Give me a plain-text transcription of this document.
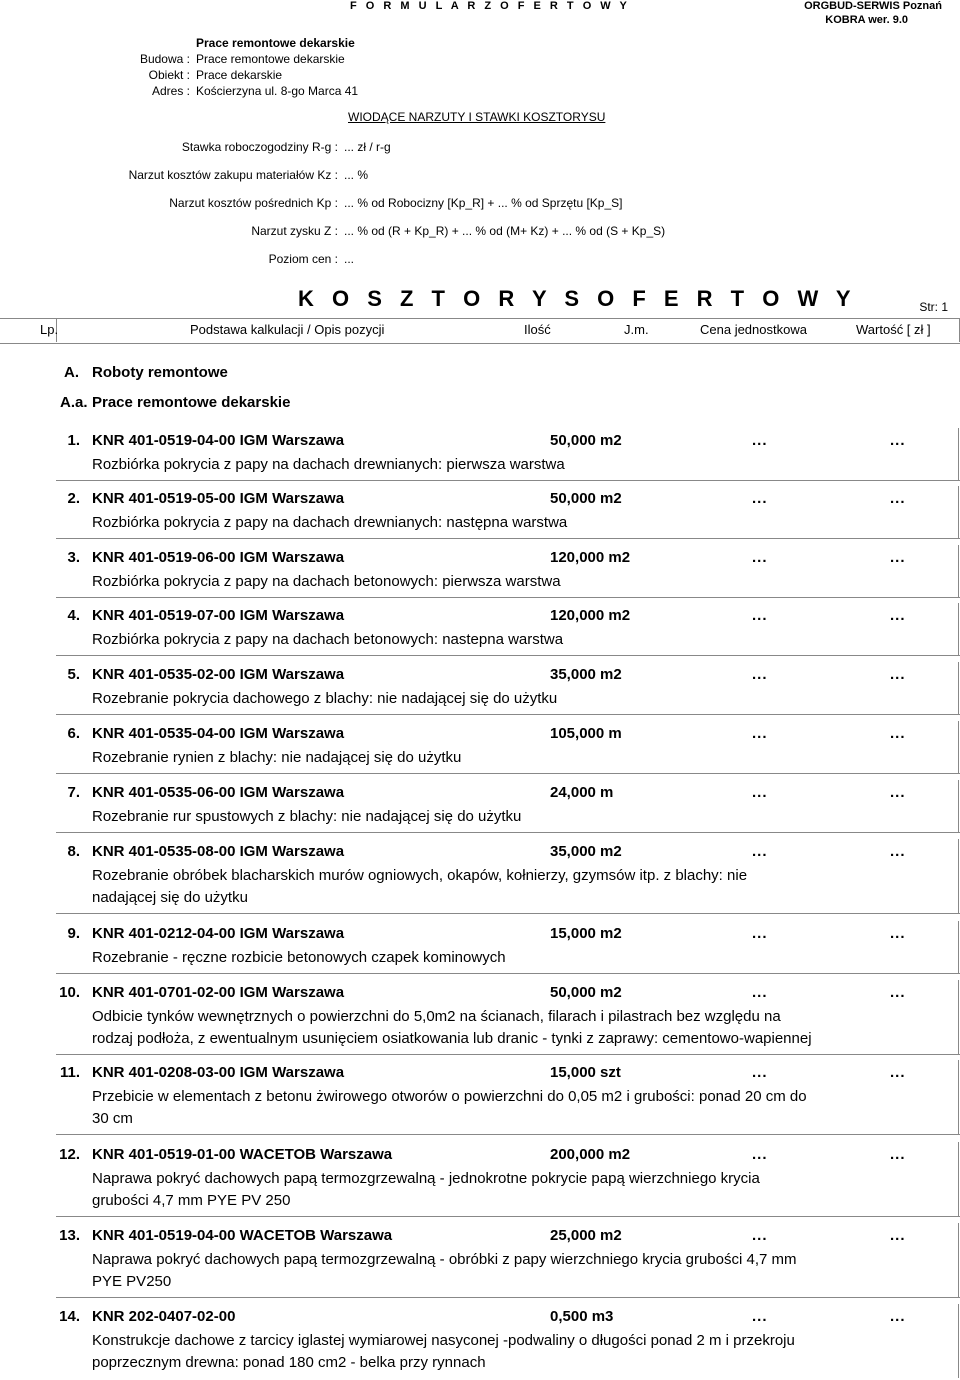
F O R M U L A R Z O F E R T O W Y	ORGBUD-SERWIS Poznań
KOBRA wer. 9.0
Prace remontowe dekarskie
Budowa : Prace remontowe dekarskie
Obiekt : Prace dekarskie
Adres : Kościerzyna ul. 8-go Marca 41
WIODĄCE NARZUTY I STAWKI KOSZTORYSU
Stawka roboczogodziny R-g : ... zł / r-g
Narzut kosztów zakupu materiałów Kz : ... %
Narzut kosztów pośrednich Kp : ... % od Robocizny [Kp_R] + ... % od Sprzętu [Kp_S]
Narzut zysku Z : ... % od (R + Kp_R) + ... % od (M+ Kz) + ... % od (S + Kp_S)
Poziom cen : ...
K O S Z T O R Y S O F E R T O W Y	Str: 1
Lp.	Podstawa kalkulacji / Opis pozycji	Ilość	J.m.	Cena jednostkowa	Wartość [ zł ]
A. Roboty remontowe
A.a. Prace remontowe dekarskie
1. KNR 401-0519-04-00 IGM Warszawa	50,000 m2	...	...
Rozbiórka pokrycia z papy na dachach drewnianych: pierwsza warstwa
2. KNR 401-0519-05-00 IGM Warszawa	50,000 m2	...	...
Rozbiórka pokrycia z papy na dachach drewnianych: następna warstwa
3. KNR 401-0519-06-00 IGM Warszawa	120,000 m2	...	...
Rozbiórka pokrycia z papy na dachach betonowych: pierwsza warstwa
4. KNR 401-0519-07-00 IGM Warszawa	120,000 m2	...	...
Rozbiórka pokrycia z papy na dachach betonowych: nastepna warstwa
5. KNR 401-0535-02-00 IGM Warszawa	35,000 m2	...	...
Rozebranie pokrycia dachowego z blachy: nie nadającej się do użytku
6. KNR 401-0535-04-00 IGM Warszawa	105,000 m	...	...
Rozebranie rynien z blachy: nie nadającej się do użytku
7. KNR 401-0535-06-00 IGM Warszawa	24,000 m	...	...
Rozebranie rur spustowych z blachy: nie nadającej się do użytku
8. KNR 401-0535-08-00 IGM Warszawa	35,000 m2	...	...
Rozebranie obróbek blacharskich murów ogniowych, okapów, kołnierzy, gzymsów itp. z blachy: nie nadającej się do użytku
9. KNR 401-0212-04-00 IGM Warszawa	15,000 m2	...	...
Rozebranie - ręczne rozbicie betonowych czapek kominowych
10. KNR 401-0701-02-00 IGM Warszawa	50,000 m2	...	...
Odbicie tynków wewnętrznych o powierzchni do 5,0m2 na ścianach, filarach i pilastrach bez względu na rodzaj podłoża, z ewentualnym usunięciem osiatkowania lub dranic - tynki z zaprawy: cementowo-wapiennej
11. KNR 401-0208-03-00 IGM Warszawa	15,000 szt	...	...
Przebicie w elementach z betonu żwirowego otworów o powierzchni do 0,05 m2 i grubości: ponad 20 cm do 30 cm
12. KNR 401-0519-01-00 WACETOB Warszawa	200,000 m2	...	...
Naprawa pokryć dachowych papą termozgrzewalną - jednokrotne pokrycie papą wierzchniego krycia grubości 4,7 mm PYE PV 250
13. KNR 401-0519-04-00 WACETOB Warszawa	25,000 m2	...	...
Naprawa pokryć dachowych papą termozgrzewalną - obróbki z papy wierzchniego krycia grubości 4,7 mm PYE PV250
14. KNR 202-0407-02-00	0,500 m3	...	...
Konstrukcje dachowe z tarcicy iglastej wymiarowej nasyconej -podwaliny o długości ponad 2 m i przekroju poprzecznym drewna: ponad 180 cm2 - belka przy rynnach
